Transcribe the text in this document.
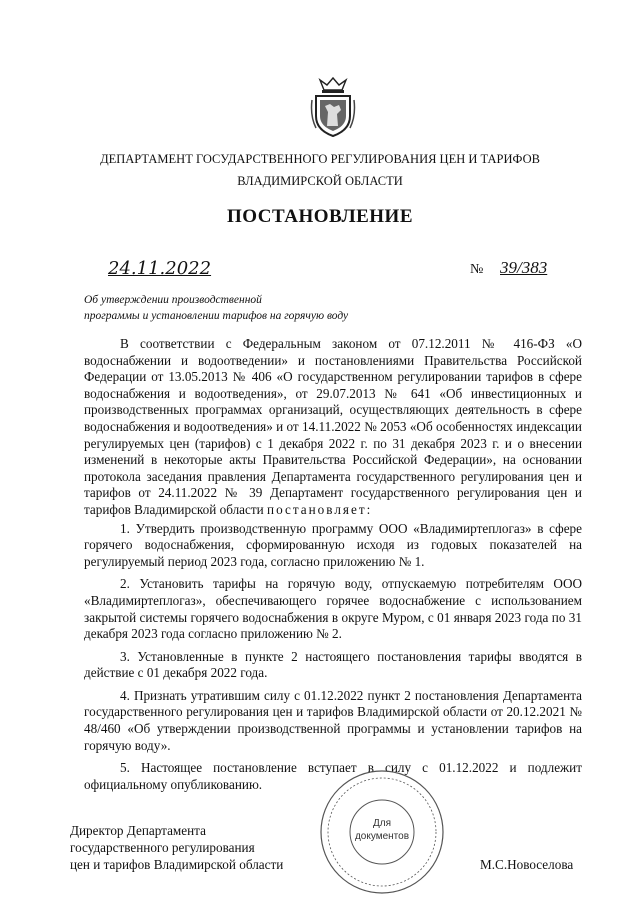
ДЕПАРТАМЕНТ ГОСУДАРСТВЕННОГО РЕГУЛИРОВАНИЯ ЦЕН И ТАРИФОВ
ВЛАДИМИРСКОЙ ОБЛАСТИ
ПОСТАНОВЛЕНИЕ
24.11.2022	№ 39/383
Об утверждении производственной
программы и установлении тарифов на горячую воду

В соответствии с Федеральным законом от 07.12.2011 № 416-ФЗ «О водоснабжении и водоотведении» и постановлениями Правительства Российской Федерации от 13.05.2013 № 406 «О государственном регулировании тарифов в сфере водоснабжения и водоотведения», от 29.07.2013 № 641 «Об инвестиционных и производственных программах организаций, осуществляющих деятельность в сфере водоснабжения и водоотведения» и от 14.11.2022 № 2053 «Об особенностях индексации регулируемых цен (тарифов) с 1 декабря 2022 г. по 31 декабря 2023 г. и о внесении изменений в некоторые акты Правительства Российской Федерации», на основании протокола заседания правления Департамента государственного регулирования цен и тарифов от 24.11.2022 № 39 Департамент государственного регулирования цен и тарифов Владимирской области постановляет:

1. Утвердить производственную программу ООО «Владимиртеплогаз» в сфере горячего водоснабжения, сформированную исходя из годовых показателей на регулируемый период 2023 года, согласно приложению № 1.

2. Установить тарифы на горячую воду, отпускаемую потребителям ООО «Владимиртеплогаз», обеспечивающего горячее водоснабжение с использованием закрытой системы горячего водоснабжения в округе Муром, с 01 января 2023 года по 31 декабря 2023 года согласно приложению № 2.

3. Установленные в пункте 2 настоящего постановления тарифы вводятся в действие с 01 декабря 2022 года.

4. Признать утратившим силу с 01.12.2022 пункт 2 постановления Департамента государственного регулирования цен и тарифов Владимирской области от 20.12.2021 № 48/460 «Об утверждении производственной программы и установлении тарифов на горячую воду».

5. Настоящее постановление вступает в силу с 01.12.2022 и подлежит официальному опубликованию.

Для
документов
Директор Департамента
государственного регулирования
цен и тарифов Владимирской области	М.С.Новоселова
